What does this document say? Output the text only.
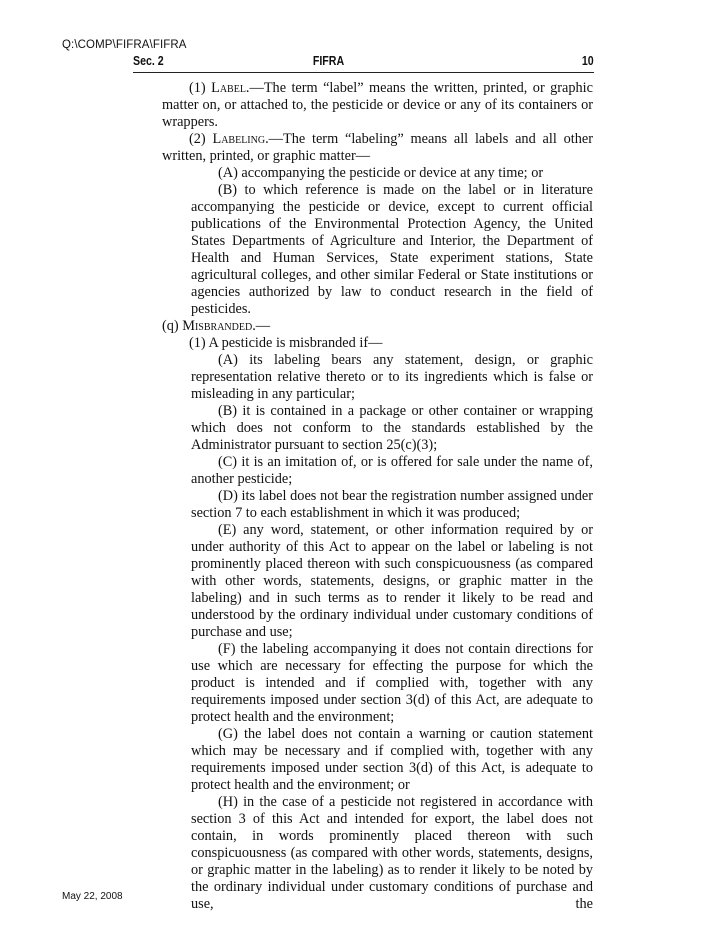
Q:\COMP\FIFRA\FIFRA
Sec. 2	FIFRA	10

(1) Label.—The term “label” means the written, printed, or graphic matter on, or attached to, the pesticide or device or any of its containers or wrappers.

(2) Labeling.—The term “labeling” means all labels and all other written, printed, or graphic matter—

(A) accompanying the pesticide or device at any time; or

(B) to which reference is made on the label or in literature accompanying the pesticide or device, except to current official publications of the Environmental Protection Agency, the United States Departments of Agriculture and Interior, the Department of Health and Human Services, State experiment stations, State agricultural colleges, and other similar Federal or State institutions or agencies authorized by law to conduct research in the field of pesticides.

(q) Misbranded.—

(1) A pesticide is misbranded if—

(A) its labeling bears any statement, design, or graphic representation relative thereto or to its ingredients which is false or misleading in any particular;

(B) it is contained in a package or other container or wrapping which does not conform to the standards established by the Administrator pursuant to section 25(c)(3);

(C) it is an imitation of, or is offered for sale under the name of, another pesticide;

(D) its label does not bear the registration number assigned under section 7 to each establishment in which it was produced;

(E) any word, statement, or other information required by or under authority of this Act to appear on the label or labeling is not prominently placed thereon with such conspicuousness (as compared with other words, statements, designs, or graphic matter in the labeling) and in such terms as to render it likely to be read and understood by the ordinary individual under customary conditions of purchase and use;

(F) the labeling accompanying it does not contain directions for use which are necessary for effecting the purpose for which the product is intended and if complied with, together with any requirements imposed under section 3(d) of this Act, are adequate to protect health and the environment;

(G) the label does not contain a warning or caution statement which may be necessary and if complied with, together with any requirements imposed under section 3(d) of this Act, is adequate to protect health and the environment; or

(H) in the case of a pesticide not registered in accordance with section 3 of this Act and intended for export, the label does not contain, in words prominently placed thereon with such conspicuousness (as compared with other words, statements, designs, or graphic matter in the labeling) as to render it likely to be noted by the ordinary individual under customary conditions of purchase and use, the

May 22, 2008
